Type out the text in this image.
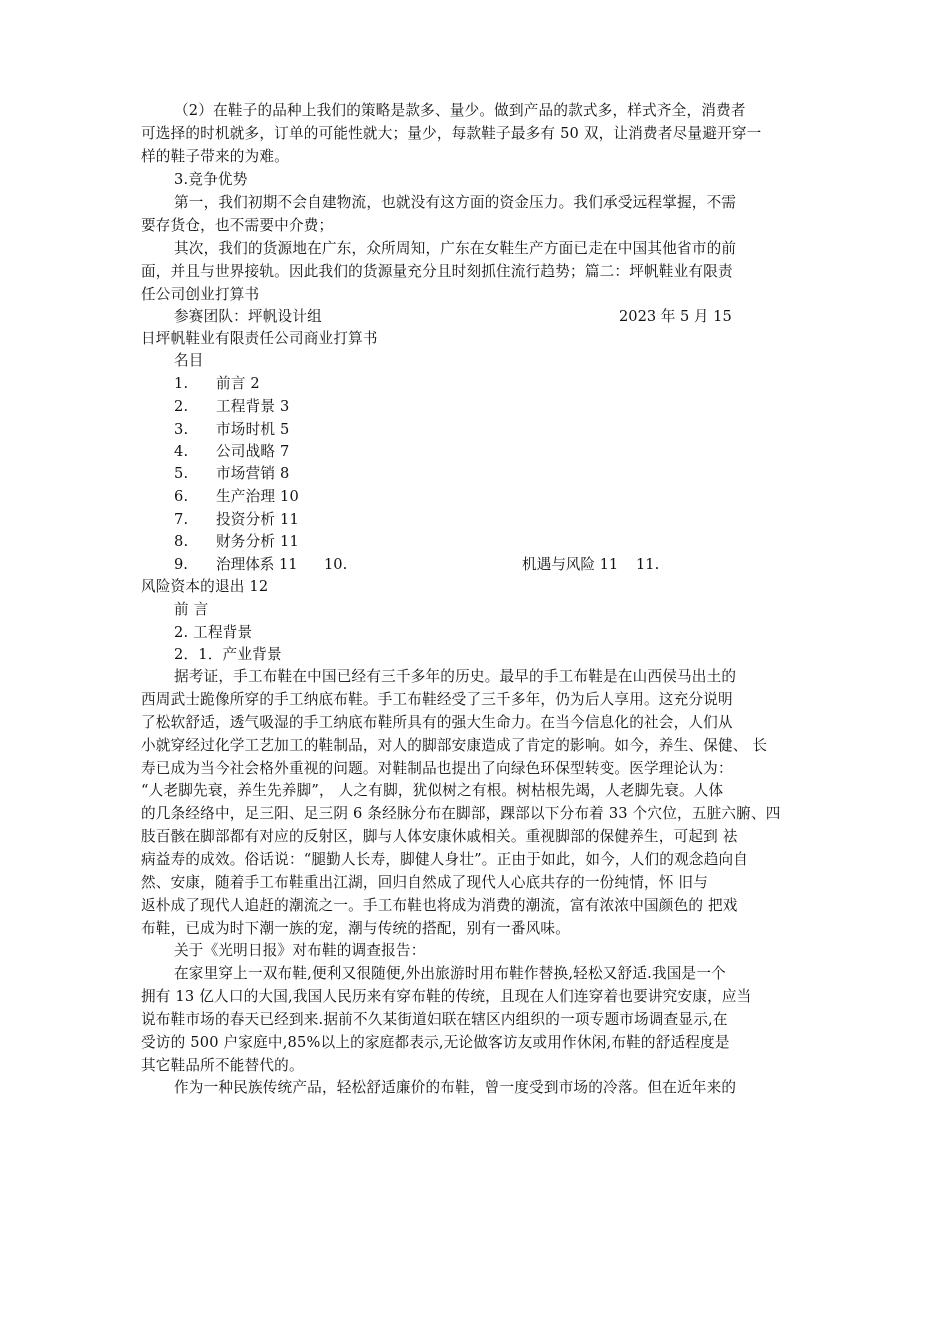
（2）在鞋子的品种上我们的策略是款多、量少。做到产品的款式多，样式齐全，消费者
可选择的时机就多，订单的可能性就大；量少，每款鞋子最多有 50 双，让消费者尽量避开穿一
样的鞋子带来的为难。
3.竞争优势
第一，我们初期不会自建物流，也就没有这方面的资金压力。我们承受远程掌握，不需
要存货仓，也不需要中介费；
其次，我们的货源地在广东，众所周知，广东在女鞋生产方面已走在中国其他省市的前
面，并且与世界接轨。因此我们的货源量充分且时刻抓住流行趋势；篇二：坪帆鞋业有限责
任公司创业打算书
参赛团队：坪帆设计组	2023 年 5 月 15
日坪帆鞋业有限责任公司商业打算书
名目
1. 前言 2
2. 工程背景 3
3. 市场时机 5
4. 公司战略 7
5. 市场营销 8
6. 生产治理 10
7. 投资分析 11
8. 财务分析 11
9. 治理体系 11 10.	机遇与风险 11 11.
风险资本的退出 12
前 言
2. 工程背景
2．1．产业背景
据考证，手工布鞋在中国已经有三千多年的历史。最早的手工布鞋是在山西侯马出土的
西周武士跪像所穿的手工纳底布鞋。手工布鞋经受了三千多年，仍为后人享用。这充分说明
了松软舒适，透气吸湿的手工纳底布鞋所具有的强大生命力。在当今信息化的社会，人们从
小就穿经过化学工艺加工的鞋制品，对人的脚部安康造成了肯定的影响。如今，养生、保健、 长
寿已成为当今社会格外重视的问题。对鞋制品也提出了向绿色环保型转变。医学理论认为：
“人老脚先衰，养生先养脚”， 人之有脚，犹似树之有根。树枯根先竭，人老脚先衰。人体
的几条经络中，足三阳、足三阴 6 条经脉分布在脚部，踝部以下分布着 33 个穴位，五脏六腑、四
肢百骸在脚部都有对应的反射区，脚与人体安康休戚相关。重视脚部的保健养生，可起到 祛
病益寿的成效。俗话说：“腿勤人长寿，脚健人身壮”。正由于如此，如今，人们的观念趋向自
然、安康，随着手工布鞋重出江湖，回归自然成了现代人心底共存的一份纯情，怀 旧与
返朴成了现代人追赶的潮流之一。手工布鞋也将成为消费的潮流，富有浓浓中国颜色的 把戏
布鞋，已成为时下潮一族的宠，潮与传统的搭配，别有一番风味。
关于《光明日报》对布鞋的调查报告：
在家里穿上一双布鞋,便利又很随便,外出旅游时用布鞋作替换,轻松又舒适.我国是一个
拥有 13 亿人口的大国,我国人民历来有穿布鞋的传统，且现在人们连穿着也要讲究安康，应当
说布鞋市场的春天已经到来.据前不久某街道妇联在辖区内组织的一项专题市场调查显示,在
受访的 500 户家庭中,85%以上的家庭都表示,无论做客访友或用作休闲,布鞋的舒适程度是
其它鞋品所不能替代的。
作为一种民族传统产品，轻松舒适廉价的布鞋，曾一度受到市场的冷落。但在近年来的
